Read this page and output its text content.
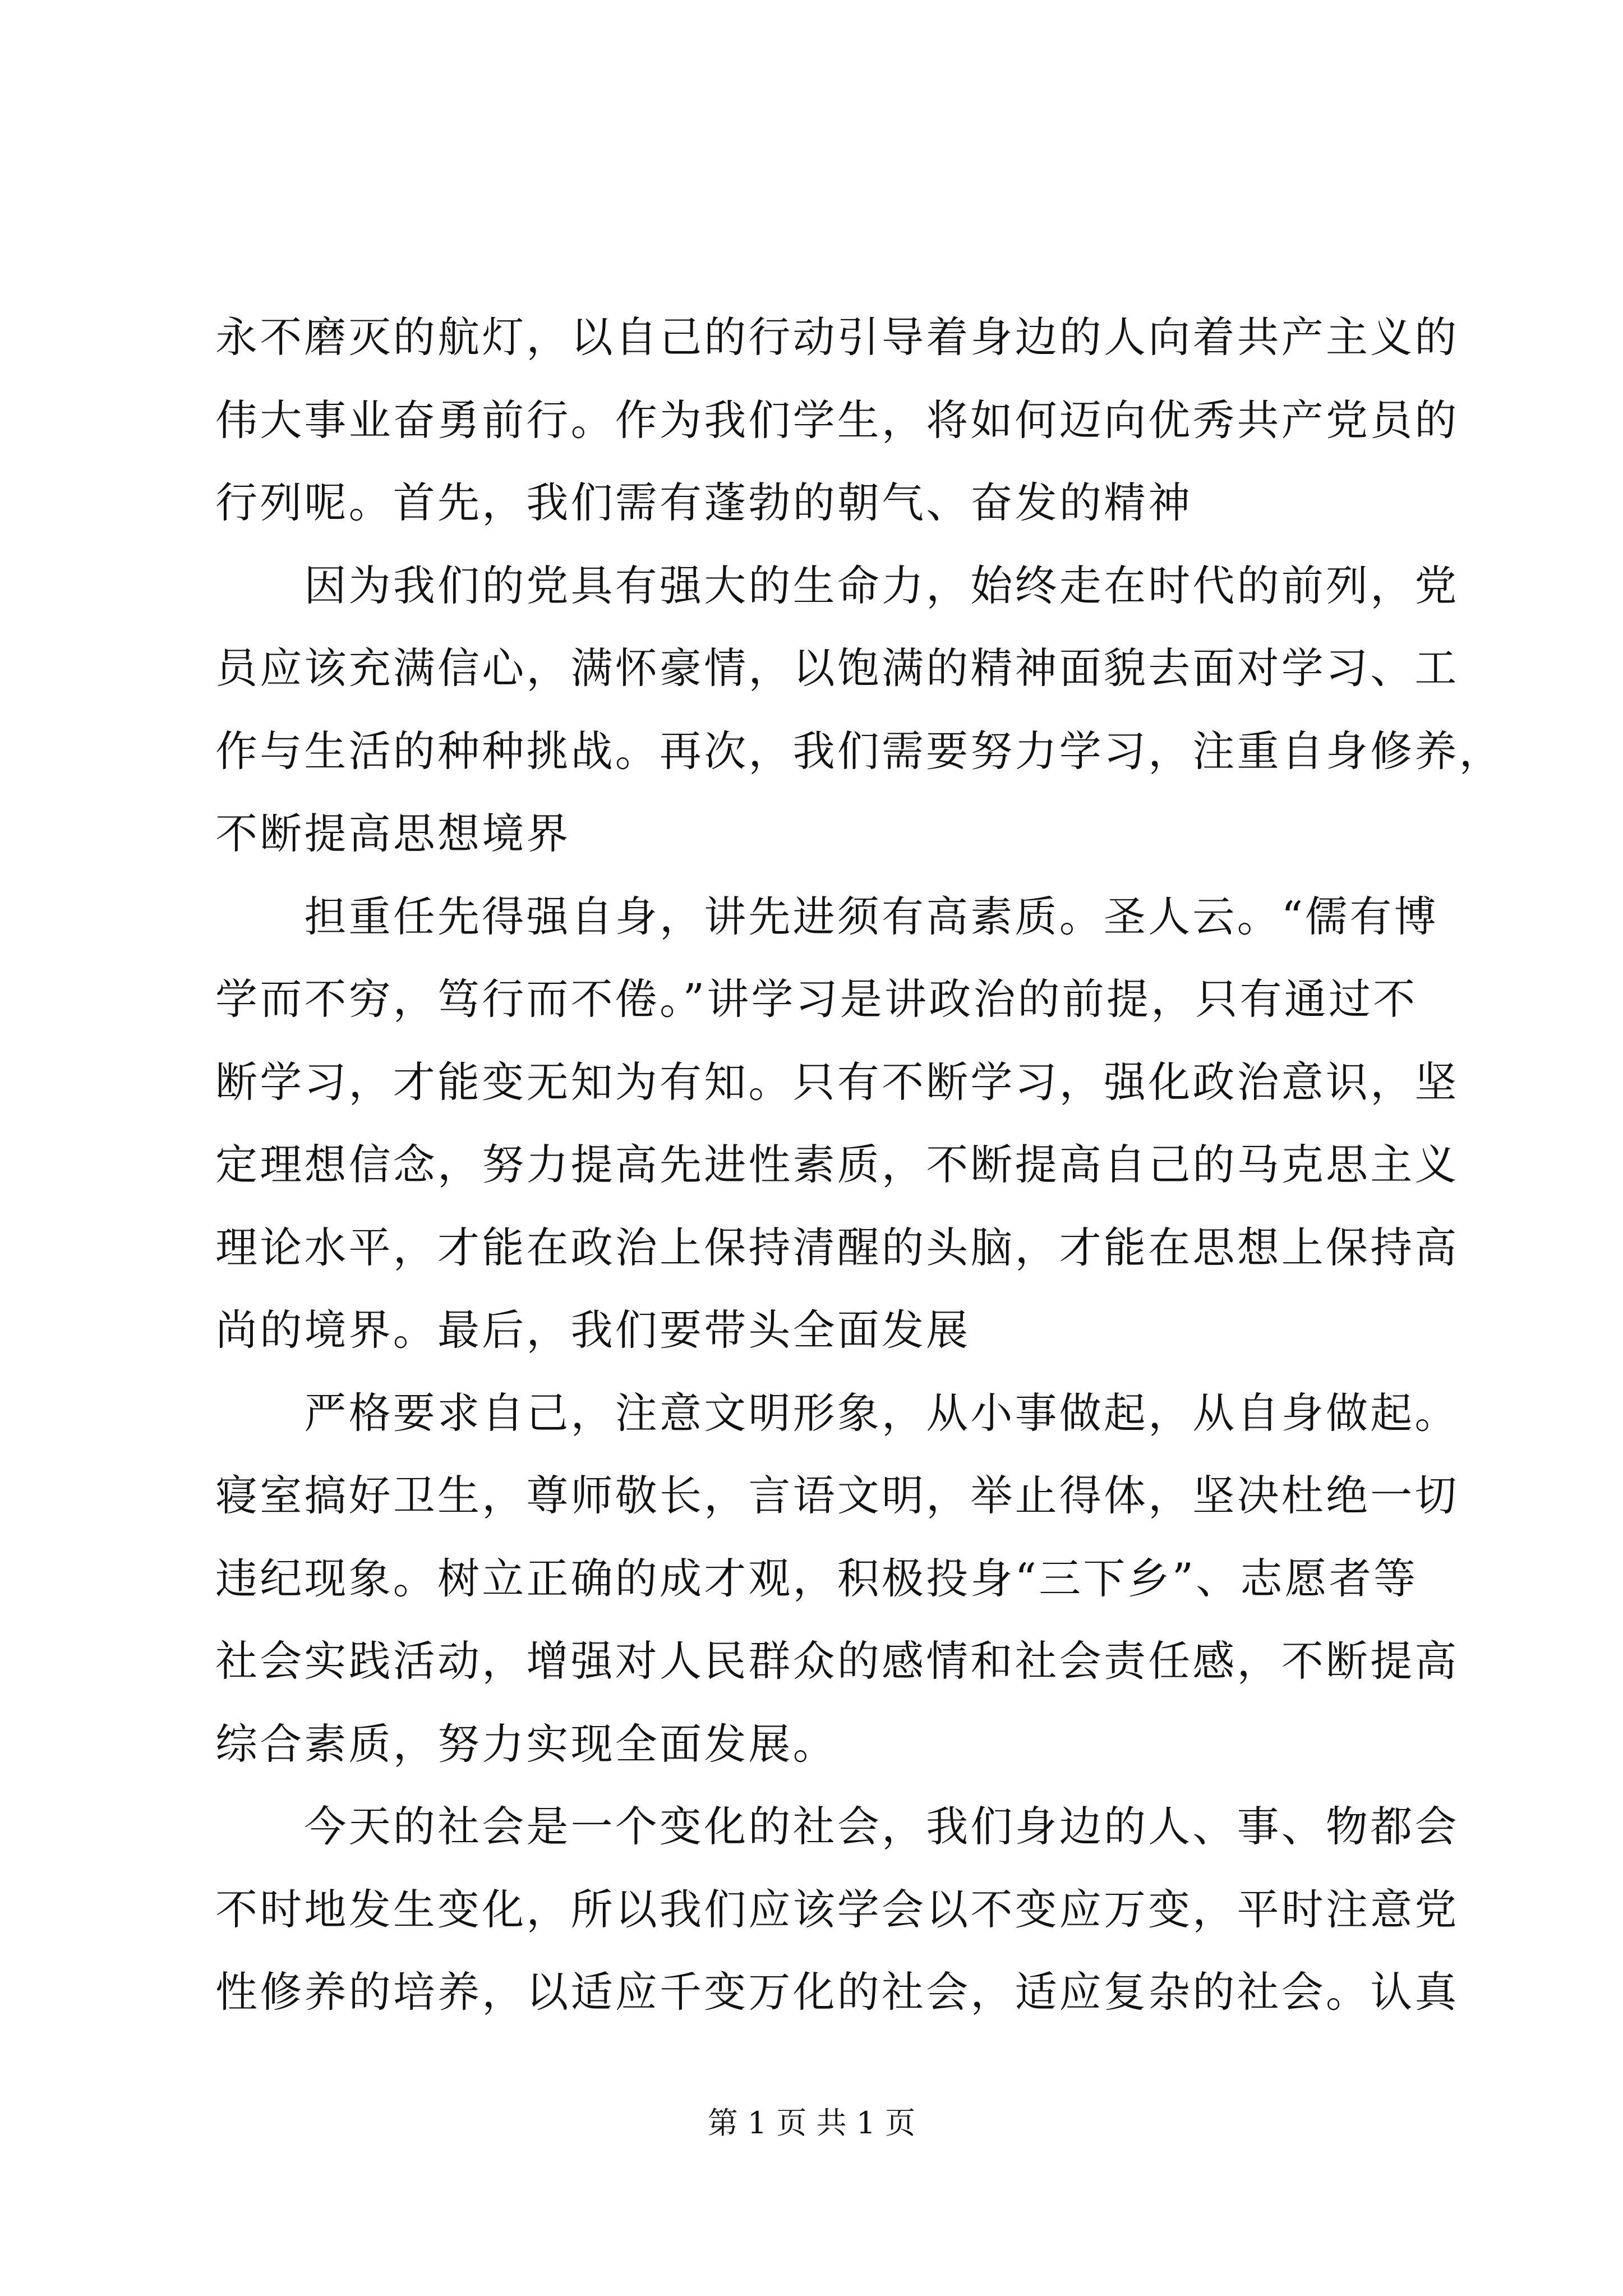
永不磨灭的航灯，以自己的行动引导着身边的人向着共产主义的
伟大事业奋勇前行。作为我们学生，将如何迈向优秀共产党员的
行列呢。首先，我们需有蓬勃的朝气、奋发的精神
　　因为我们的党具有强大的生命力，始终走在时代的前列，党
员应该充满信心，满怀豪情，以饱满的精神面貌去面对学习、工
作与生活的种种挑战。再次，我们需要努力学习，注重自身修养，
不断提高思想境界
　　担重任先得强自身，讲先进须有高素质。圣人云。“儒有博
学而不穷，笃行而不倦。”讲学习是讲政治的前提，只有通过不
断学习，才能变无知为有知。只有不断学习，强化政治意识，坚
定理想信念，努力提高先进性素质，不断提高自己的马克思主义
理论水平，才能在政治上保持清醒的头脑，才能在思想上保持高
尚的境界。最后，我们要带头全面发展
　　严格要求自己，注意文明形象，从小事做起，从自身做起。
寝室搞好卫生，尊师敬长，言语文明，举止得体，坚决杜绝一切
违纪现象。树立正确的成才观，积极投身“三下乡”、志愿者等
社会实践活动，增强对人民群众的感情和社会责任感，不断提高
综合素质，努力实现全面发展。
　　今天的社会是一个变化的社会，我们身边的人、事、物都会
不时地发生变化，所以我们应该学会以不变应万变，平时注意党
性修养的培养，以适应千变万化的社会，适应复杂的社会。认真
第 1 页 共 1 页
